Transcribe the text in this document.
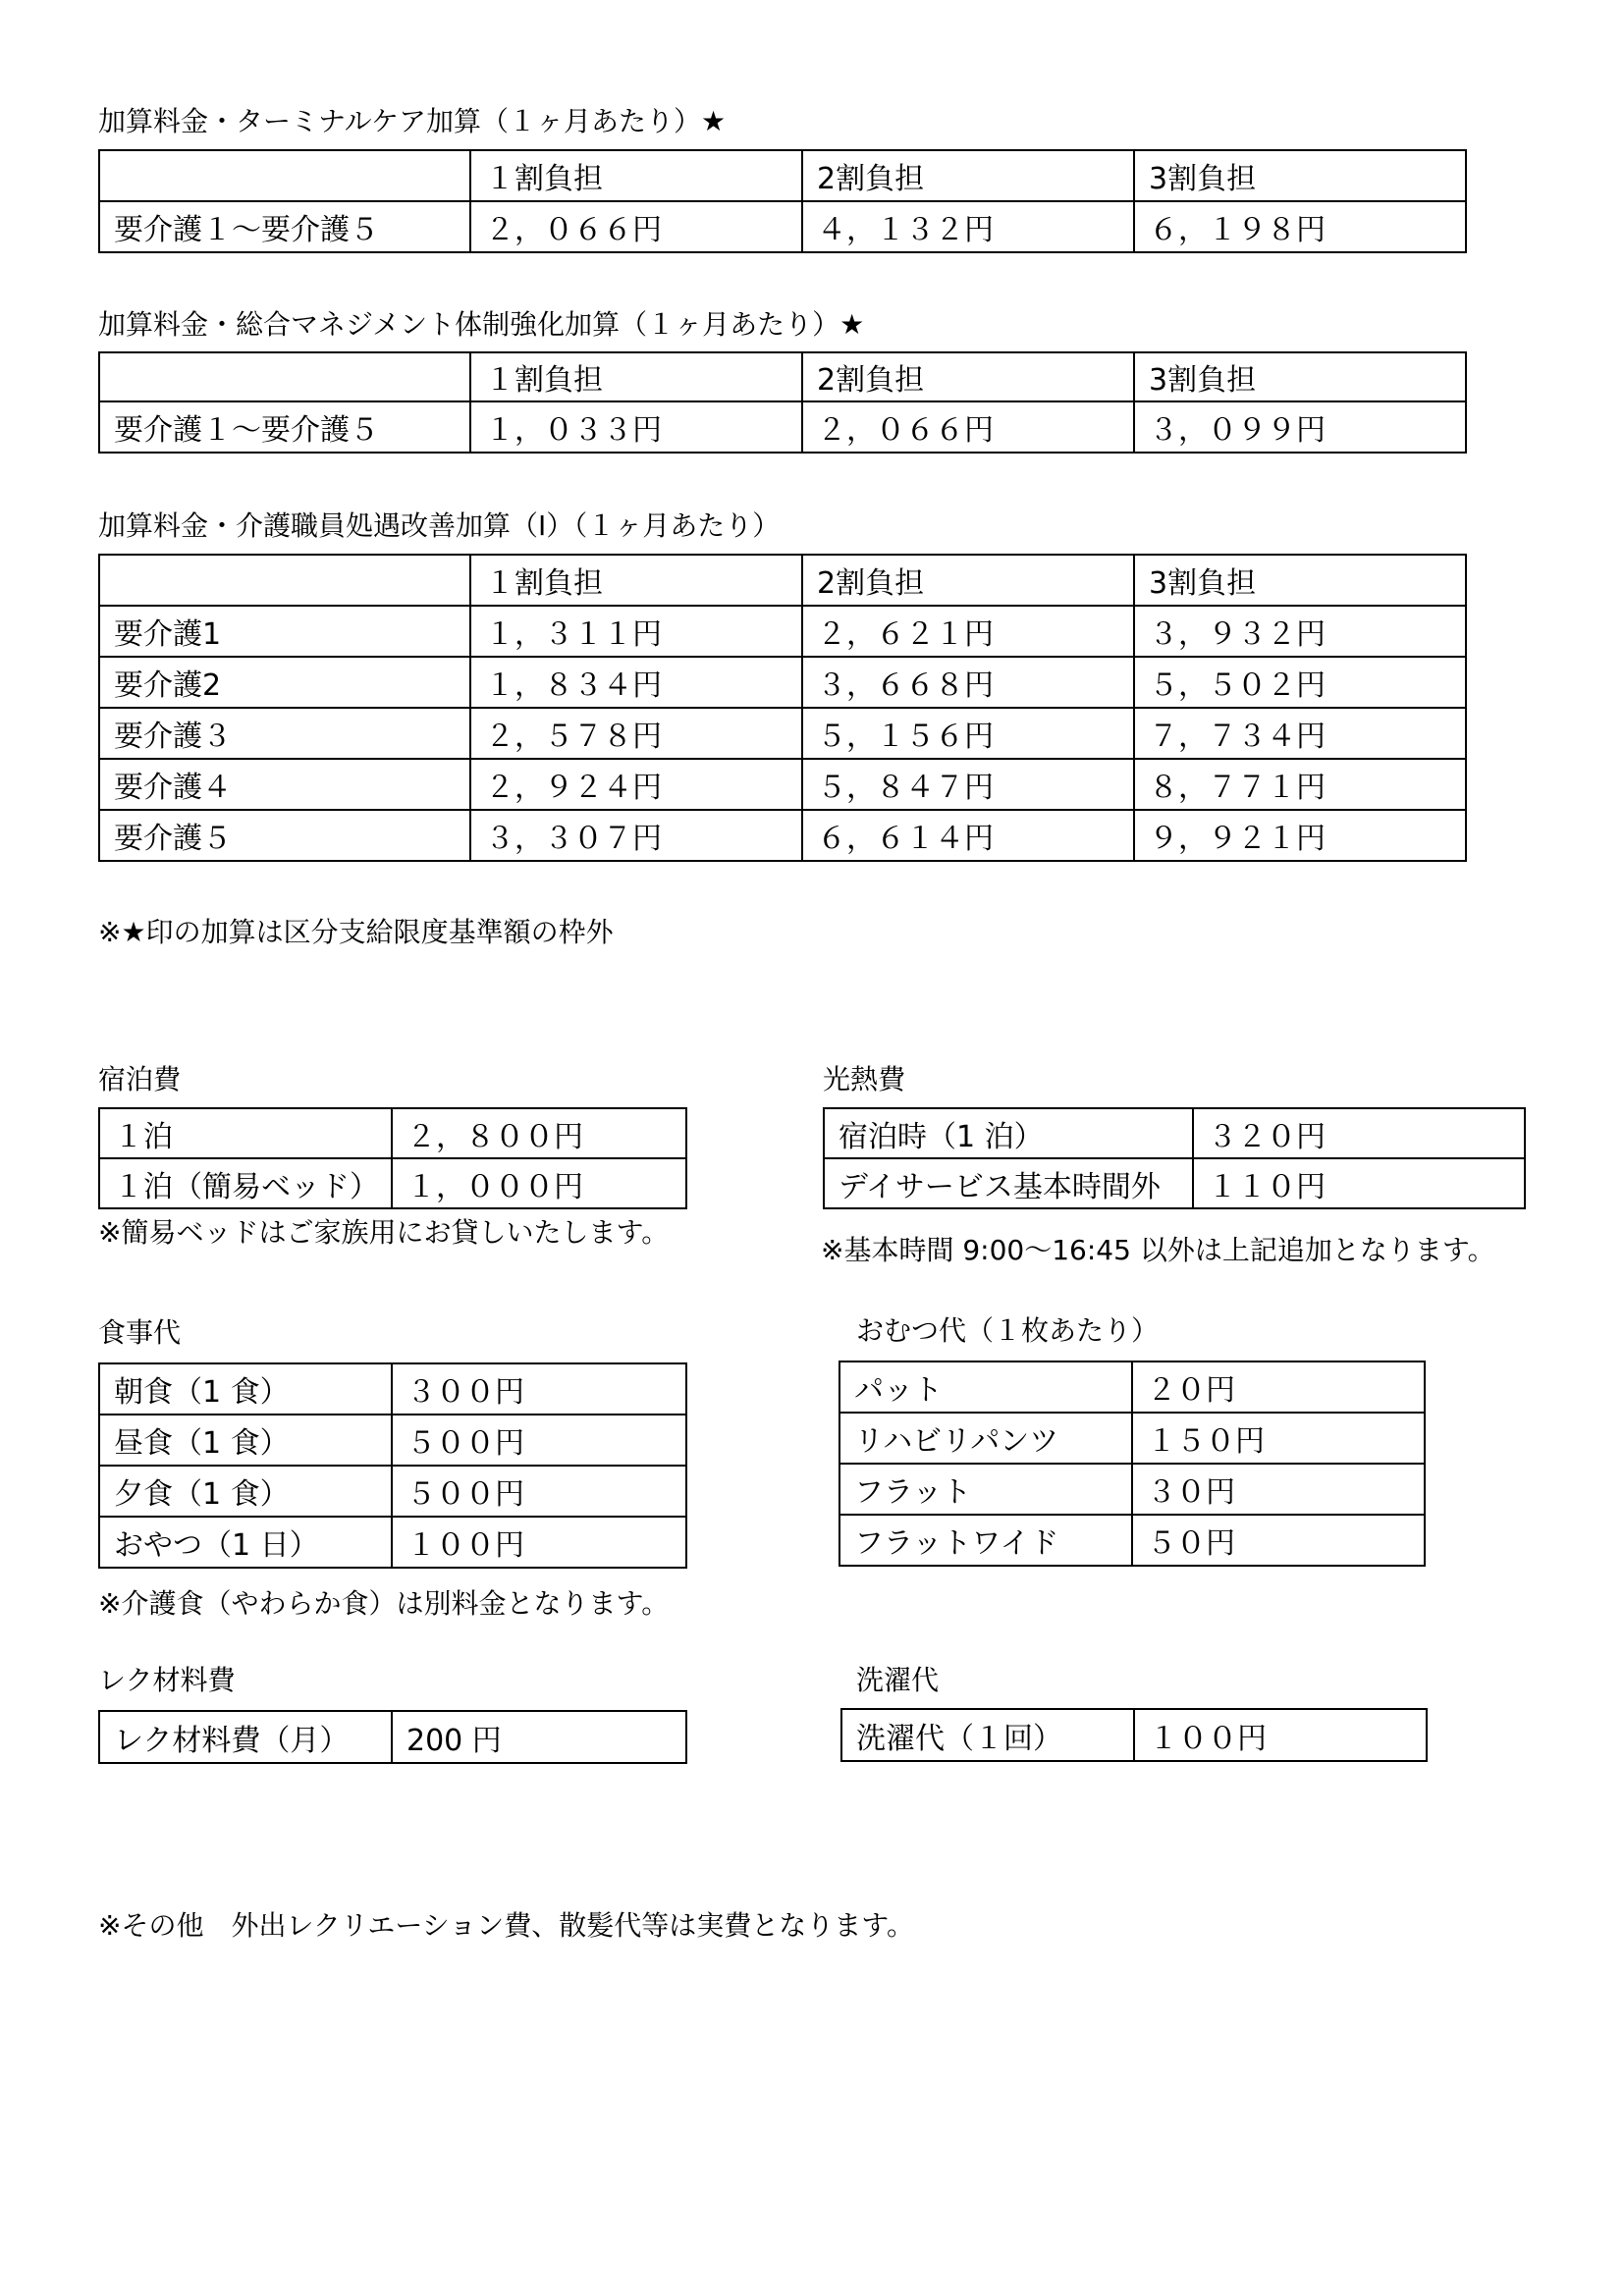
加算料金・ターミナルケア加算（１ヶ月あたり）★
	１割負担	2割負担	3割負担
要介護１～要介護５	２，０６６円	４，１３２円	６，１９８円
加算料金・総合マネジメント体制強化加算（１ヶ月あたり）★
	１割負担	2割負担	3割負担
要介護１～要介護５	１，０３３円	２，０６６円	３，０９９円
加算料金・介護職員処遇改善加算（Ⅰ）（１ヶ月あたり）
	１割負担	2割負担	3割負担
要介護1	１，３１１円	２，６２１円	３，９３２円
要介護2	１，８３４円	３，６６８円	５，５０２円
要介護３	２，５７８円	５，１５６円	７，７３４円
要介護４	２，９２４円	５，８４７円	８，７７１円
要介護５	３，３０７円	６，６１４円	９，９２１円
※★印の加算は区分支給限度基準額の枠外
宿泊費
１泊	２，８００円
１泊（簡易ベッド）	１，０００円
※簡易ベッドはご家族用にお貸しいたします。
光熱費
宿泊時（1 泊）	３２０円
デイサービス基本時間外	１１０円
※基本時間 9:00～16:45 以外は上記追加となります。
食事代
朝食（1 食）	３００円
昼食（1 食）	５００円
夕食（1 食）	５００円
おやつ（1 日）	１００円
※介護食（やわらか食）は別料金となります。
おむつ代（１枚あたり）
パット	２０円
リハビリパンツ	１５０円
フラット	３０円
フラットワイド	５０円
レク材料費
レク材料費（月）	200 円
洗濯代
洗濯代（１回）	１００円
※その他　外出レクリエーション費、散髪代等は実費となります。
